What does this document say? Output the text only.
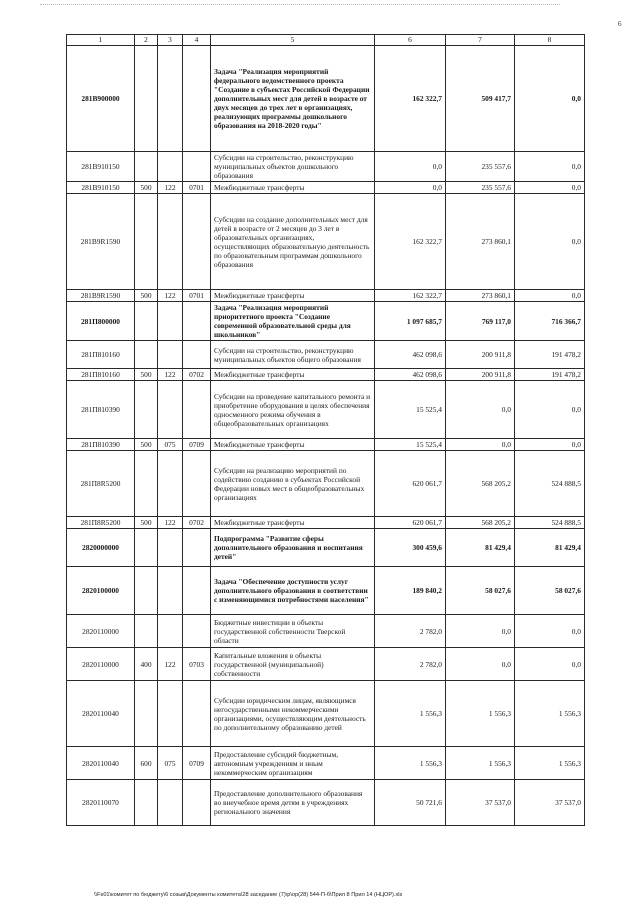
6
1	2	3	4	5	6	7	8
281В900000				Задача "Реализация мероприятий федерального ведомственного проекта "Создание в субъектах Российской Федерации дополнительных мест для детей в возрасте от двух месяцев до трех лет в организациях, реализующих программы дошкольного образования на 2018-2020 годы"	162 322,7	509 417,7	0,0
281В910150				Субсидии на строительство, реконструкцию муниципальных объектов дошкольного образования	0,0	235 557,6	0,0
281В910150	500	122	0701	Межбюджетные трансферты	0,0	235 557,6	0,0
281В9R1590				Субсидии на создание дополнительных мест для детей в возрасте от 2 месяцев до 3 лет в образовательных организациях, осуществляющих образовательную деятельность по образовательным программам дошкольного образования	162 322,7	273 860,1	0,0
281В9R1590	500	122	0701	Межбюджетные трансферты	162 322,7	273 860,1	0,0
281П800000				Задача "Реализация мероприятий приоритетного проекта "Создание современной образовательной среды для школьников"	1 097 685,7	769 117,0	716 366,7
281П810160				Субсидии на строительство, реконструкцию муниципальных объектов общего образования	462 098,6	200 911,8	191 478,2
281П810160	500	122	0702	Межбюджетные трансферты	462 098,6	200 911,8	191 478,2
281П810390				Субсидии на проведение капитального ремонта и приобретение оборудования в целях обеспечения односменного режима обучения в общеобразовательных организациях	15 525,4	0,0	0,0
281П810390	500	075	0709	Межбюджетные трансферты	15 525,4	0,0	0,0
281П8R5200				Субсидии на реализацию мероприятий по содействию созданию в субъектах Российской Федерации новых мест в общеобразовательных организациях	620 061,7	568 205,2	524 888,5
281П8R5200	500	122	0702	Межбюджетные трансферты	620 061,7	568 205,2	524 888,5
2820000000				Подпрограмма "Развитие сферы дополнительного образования и воспитания детей"	300 459,6	81 429,4	81 429,4
2820100000				Задача "Обеспечение доступности услуг дополнительного образования в соответствии с изменяющимися потребностями населения"	189 840,2	58 027,6	58 027,6
2820110000				Бюджетные инвестиции в объекты государственной собственности Тверской области	2 782,0	0,0	0,0
2820110000	400	122	0703	Капитальные вложения в объекты государственной (муниципальной) собственности	2 782,0	0,0	0,0
2820110040				Субсидии юридическим лицам, являющимся негосударственными некоммерческими организациями, осуществляющим деятельность по дополнительному образованию детей	1 556,3	1 556,3	1 556,3
2820110040	600	075	0709	Предоставление субсидий бюджетным, автономным учреждениям и иным некоммерческим организациям	1 556,3	1 556,3	1 556,3
2820110070				Предоставление дополнительного образования во внеучебное время детям в учреждениях регионального значения	50 721,6	37 537,0	37 537,0
\\Fs01\комитет по бюджету\6 созыв\Документы комитета\28 заседание (7)\р\ор(28) 544-П-б\Прил 8 Прил 14 (НЦОР).xls
